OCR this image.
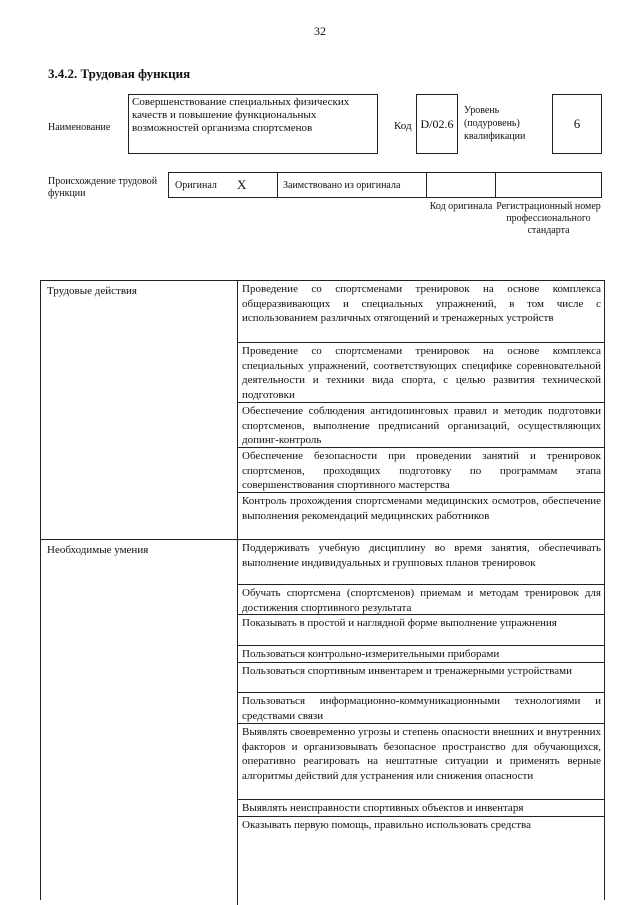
32
3.4.2. Трудовая функция
Наименование
Совершенствование специальных физических качеств и повышение функциональных возможностей организма спортсменов	Код D/02.6
Уровень (подуровень) квалификации
6
Происхождение трудовой функции
Оригинал X	Заимствовано из оригинала
Код оригинала Регистрационный номер профессионального стандарта
Трудовые действия	Проведение со спортсменами тренировок на основе комплекса общеразвивающих и специальных упражнений, в том числе с использованием различных отягощений и тренажерных устройств
Проведение со спортсменами тренировок на основе комплекса специальных упражнений, соответствующих специфике соревновательной деятельности и техники вида спорта, с целью развития технической подготовки
Обеспечение соблюдения антидопинговых правил и методик подготовки спортсменов, выполнение предписаний организаций, осуществляющих допинг-контроль
Обеспечение безопасности при проведении занятий и тренировок спортсменов, проходящих подготовку по программам этапа совершенствования спортивного мастерства
Контроль прохождения спортсменами медицинских осмотров, обеспечение выполнения рекомендаций медицинских работников
Необходимые умения	Поддерживать учебную дисциплину во время занятия, обеспечивать выполнение индивидуальных и групповых планов тренировок
Обучать спортсмена (спортсменов) приемам и методам тренировок для достижения спортивного результата
Показывать в простой и наглядной форме выполнение упражнения
Пользоваться контрольно-измерительными приборами
Пользоваться спортивным инвентарем и тренажерными устройствами
Пользоваться информационно-коммуникационными технологиями и средствами связи
Выявлять своевременно угрозы и степень опасности внешних и внутренних факторов и организовывать безопасное пространство для обучающихся, оперативно реагировать на нештатные ситуации и применять верные алгоритмы действий для устранения или снижения опасности
Выявлять неисправности спортивных объектов и инвентаря
Оказывать первую помощь, правильно использовать средства
